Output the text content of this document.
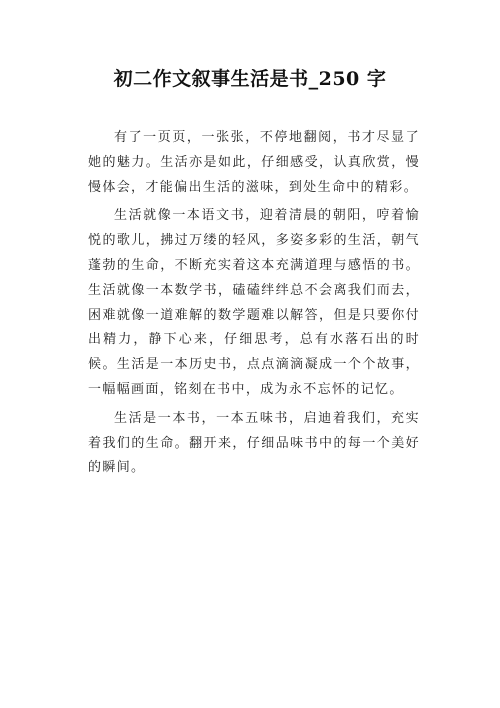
初二作文叙事生活是书_250 字

有了一页页，一张张，不停地翻阅，书才尽显了她的魅力。生活亦是如此，仔细感受，认真欣赏，慢慢体会，才能偏出生活的滋味，到处生命中的精彩。

生活就像一本语文书，迎着清晨的朝阳，哼着愉悦的歌儿，拂过万缕的轻风，多姿多彩的生活，朝气蓬勃的生命，不断充实着这本充满道理与感悟的书。生活就像一本数学书，磕磕绊绊总不会离我们而去，困难就像一道难解的数学题难以解答，但是只要你付出精力，静下心来，仔细思考，总有水落石出的时候。生活是一本历史书，点点滴滴凝成一个个故事，一幅幅画面，铭刻在书中，成为永不忘怀的记忆。

生活是一本书，一本五味书，启迪着我们，充实着我们的生命。翻开来，仔细品味书中的每一个美好的瞬间。
